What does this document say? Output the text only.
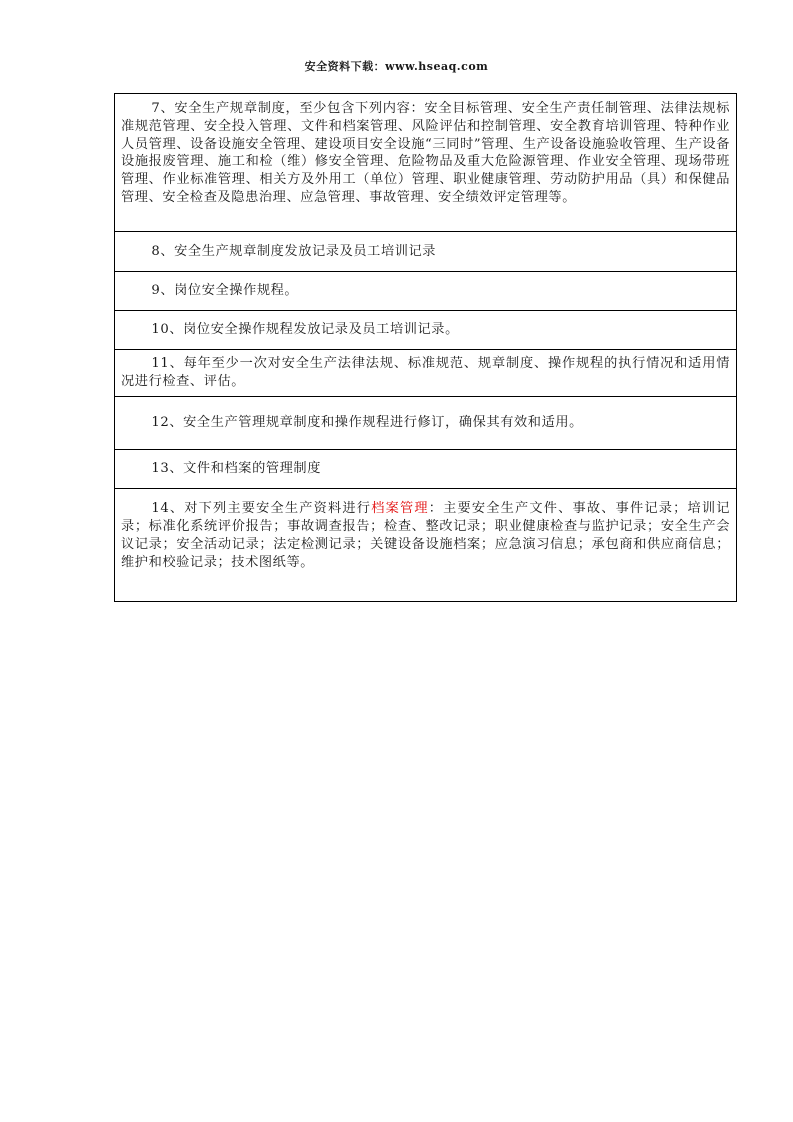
安全资料下载：www.hseaq.com
7、安全生产规章制度，至少包含下列内容：安全目标管理、安全生产责任制管理、法律法规标准规范管理、安全投入管理、文件和档案管理、风险评估和控制管理、安全教育培训管理、特种作业人员管理、设备设施安全管理、建设项目安全设施“三同时”管理、生产设备设施验收管理、生产设备设施报废管理、施工和检（维）修安全管理、危险物品及重大危险源管理、作业安全管理、现场带班管理、作业标准管理、相关方及外用工（单位）管理、职业健康管理、劳动防护用品（具）和保健品管理、安全检查及隐患治理、应急管理、事故管理、安全绩效评定管理等。
8、安全生产规章制度发放记录及员工培训记录
9、岗位安全操作规程。
10、岗位安全操作规程发放记录及员工培训记录。
11、每年至少一次对安全生产法律法规、标准规范、规章制度、操作规程的执行情况和适用情况进行检查、评估。
12、安全生产管理规章制度和操作规程进行修订，确保其有效和适用。
13、文件和档案的管理制度

14、对下列主要安全生产资料进行档案管理：主要安全生产文件、事故、事件记录；培训记录；标准化系统评价报告；事故调查报告；检查、整改记录；职业健康检查与监护记录；安全生产会议记录；安全活动记录；法定检测记录；关键设备设施档案；应急演习信息；承包商和供应商信息；维护和校验记录；技术图纸等。
